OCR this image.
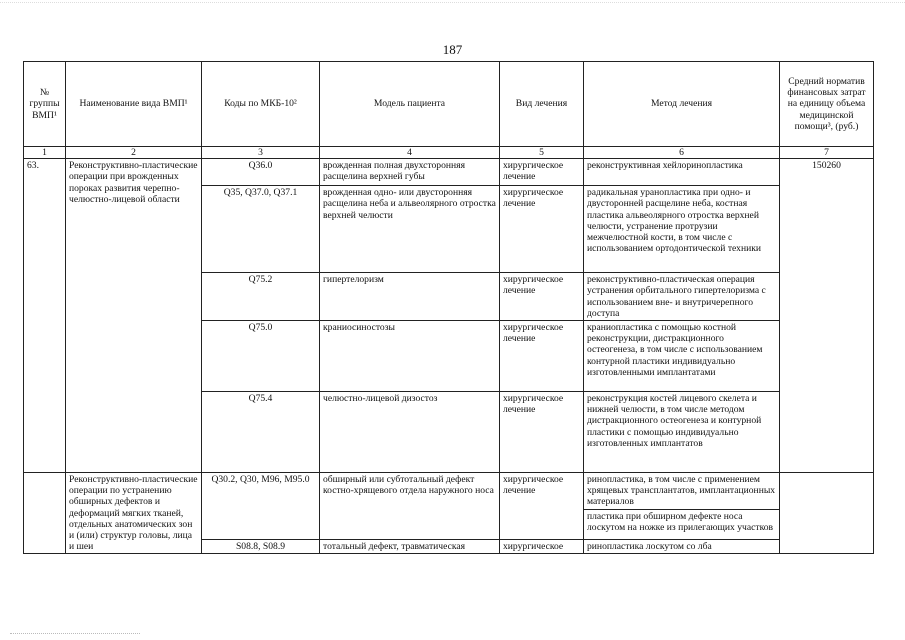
187
№ группы ВМП¹	Наименование вида ВМП¹	Коды по МКБ-10²	Модель пациента	Вид лечения	Метод лечения	Средний норматив финансовых затрат на единицу объема медицинской помощи³, (руб.)
1	2	3	4	5	6	7
63.	Реконструктивно-пластические операции при врожденных пороках развития черепно-челюстно-лицевой области	Q36.0	врожденная полная двухсторонняя расщелина верхней губы	хирургическое лечение	реконструктивная хейлоринопластика	150260
		Q35, Q37.0, Q37.1	врожденная одно- или двусторонняя расщелина неба и альвеолярного отростка верхней челюсти	хирургическое лечение	радикальная уранопластика при одно- и двусторонней расщелине неба, костная пластика альвеолярного отростка верхней челюсти, устранение протрузии межчелюстной кости, в том числе с использованием ортодонтической техники	
		Q75.2	гипертелоризм	хирургическое лечение	реконструктивно-пластическая операция устранения орбитального гипертелоризма с использованием вне- и внутричерепного доступа	
		Q75.0	краниосиностозы	хирургическое лечение	краниопластика с помощью костной реконструкции, дистракционного остеогенеза, в том числе с использованием контурной пластики индивидуально изготовленными имплантатами	
		Q75.4	челюстно-лицевой дизостоз	хирургическое лечение	реконструкция костей лицевого скелета и нижней челюсти, в том числе методом дистракционного остеогенеза и контурной пластики с помощью индивидуально изготовленных имплантатов	
	Реконструктивно-пластические операции по устранению обширных дефектов и деформаций мягких тканей, отдельных анатомических зон и (или) структур головы, лица и шеи	Q30.2, Q30, M96, M95.0	обширный или субтотальный дефект костно-хрящевого отдела наружного носа	хирургическое лечение	ринопластика, в том числе с применением хрящевых трансплантатов, имплантационных материалов	
					пластика при обширном дефекте носа лоскутом на ножке из прилегающих участков	
		S08.8, S08.9	тотальный дефект, травматическая	хирургическое	ринопластика лоскутом со лба	
